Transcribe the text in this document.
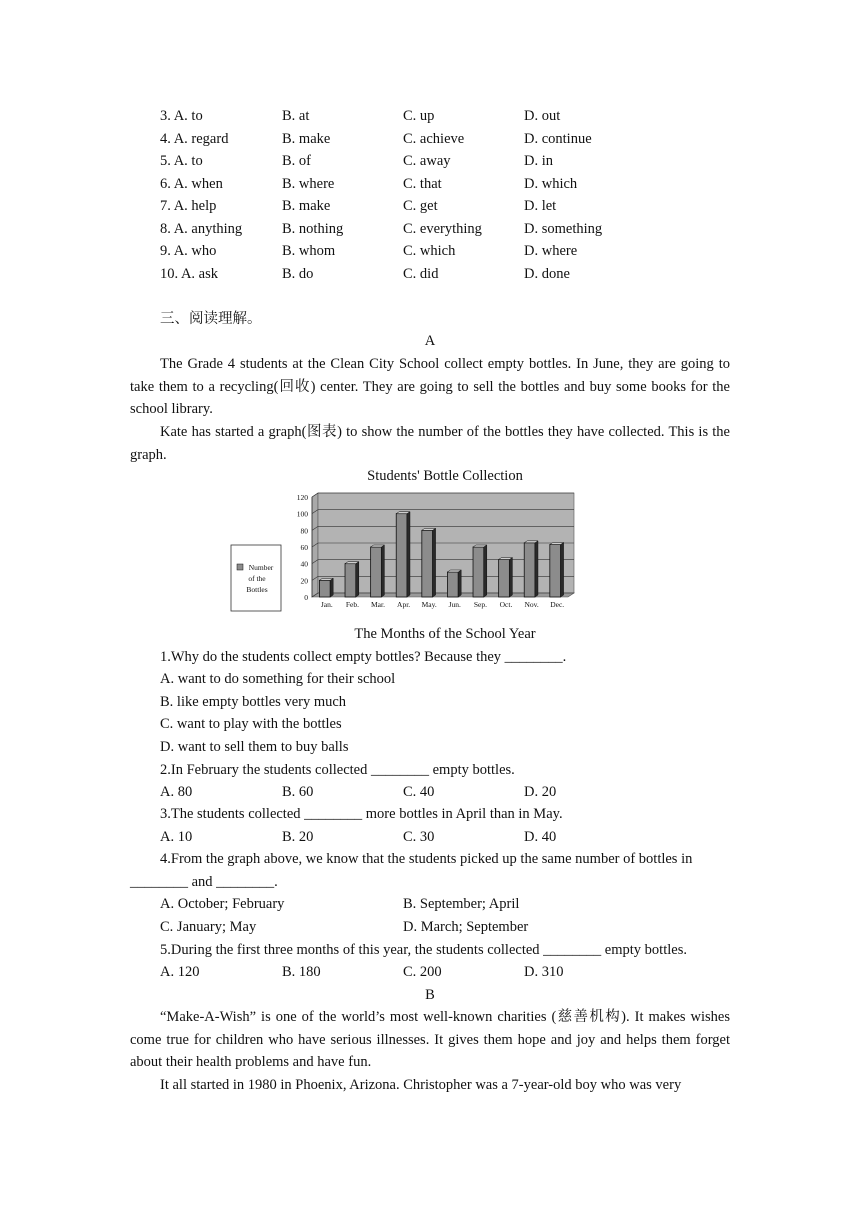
3. A. to	B. at	C. up	D. out
4. A. regard	B. make	C. achieve	D. continue
5. A. to	B. of	C. away	D. in
6. A. when	B. where	C. that	D. which
7. A. help	B. make	C. get	D. let
8. A. anything	B. nothing	C. everything	D. something
9. A. who	B. whom	C. which	D. where
10. A. ask	B. do	C. did	D. done
三、阅读理解。
A
The Grade 4 students at the Clean City School collect empty bottles. In June, they are going to take them to a recycling(回收) center. They are going to sell the bottles and buy some books for the school library.
Kate has started a graph(图表) to show the number of the bottles they have collected. This is the graph.
Students' Bottle Collection
0
20
40
60
80
100
120
Jan. Feb. Mar. Apr. May. Jun. Sep. Oct. Nov. Dec.
Number
of the
Bottles
The Months of the School Year
1.Why do the students collect empty bottles? Because they ________.
A. want to do something for their school
B. like empty bottles very much
C. want to play with the bottles
D. want to sell them to buy balls
2.In February the students collected ________ empty bottles.
A. 80	B. 60	C. 40	D. 20
3.The students collected ________ more bottles in April than in May.
A. 10	B. 20	C. 30	D. 40
4.From the graph above, we know that the students picked up the same number of bottles in
________ and ________.
A. October; February	B. September; April
C. January; May	D. March; September
5.During the first three months of this year, the students collected ________ empty bottles.
A. 120	B. 180	C. 200	D. 310
B
“Make-A-Wish” is one of the world’s most well-known charities (慈善机构). It makes wishes come true for children who have serious illnesses. It gives them hope and joy and helps them forget about their health problems and have fun.
It all started in 1980 in Phoenix, Arizona. Christopher was a 7-year-old boy who was very
